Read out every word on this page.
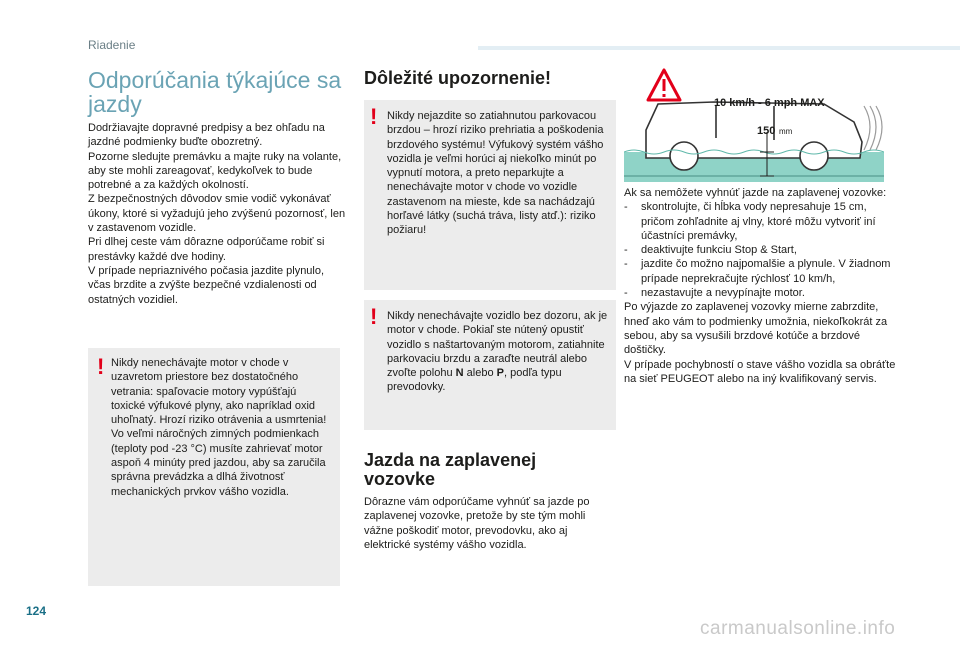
Riadenie
Odporúčania týkajúce sa jazdy

Dodržiavajte dopravné predpisy a bez ohľadu na jazdné podmienky buďte obozretný.

Pozorne sledujte premávku a majte ruky na volante, aby ste mohli zareagovať, kedykoľvek to bude potrebné a za každých okolností.

Z bezpečnostných dôvodov smie vodič vykonávať úkony, ktoré si vyžadujú jeho zvýšenú pozornosť, len v zastavenom vozidle.

Pri dlhej ceste vám dôrazne odporúčame robiť si prestávky každé dve hodiny.

V prípade nepriaznivého počasia jazdite plynulo, včas brzdite a zvýšte bezpečné vzdialenosti od ostatných vozidiel.

! Nikdy nenechávajte motor v chode v uzavretom priestore bez dostatočného vetrania: spaľovacie motory vypúšťajú toxické výfukové plyny, ako napríklad oxid uhoľnatý. Hrozí riziko otrávenia a usmrtenia!

Vo veľmi náročných zimných podmienkach (teploty pod -23 °C) musíte zahrievať motor aspoň 4 minúty pred jazdou, aby sa zaručila správna prevádzka a dlhá životnosť mechanických prvkov vášho vozidla.

Dôležité upozornenie!
! Nikdy nejazdite so zatiahnutou parkovacou brzdou – hrozí riziko prehriatia a poškodenia brzdového systému! Výfukový systém vášho vozidla je veľmi horúci aj niekoľko minút po vypnutí motora, a preto neparkujte a nenechávajte motor v chode vo vozidle zastavenom na mieste, kde sa nachádzajú horľavé látky (suchá tráva, listy atď.): riziko požiaru!
! Nikdy nenechávajte vozidlo bez dozoru, ak je motor v chode. Pokiaľ ste nútený opustiť vozidlo s naštartovaným motorom, zatiahnite parkovaciu brzdu a zaraďte neutrál alebo zvoľte polohu N alebo P, podľa typu prevodovky.
Jazda na zaplavenej vozovke

Dôrazne vám odporúčame vyhnúť sa jazde po zaplavenej vozovke, pretože by ste tým mohli vážne poškodiť motor, prevodovku, ako aj elektrické systémy vášho vozidla.

10 km/h - 6 mph MAX
150 mm

Ak sa nemôžete vyhnúť jazde na zaplavenej vozovke:

-	skontrolujte, či hĺbka vody nepresahuje 15 cm, pričom zohľadnite aj vlny, ktoré môžu vytvoriť iní účastníci premávky,
-	deaktivujte funkciu Stop & Start,
-	jazdite čo možno najpomalšie a plynule. V žiadnom prípade neprekračujte rýchlosť 10 km/h,
-	nezastavujte a nevypínajte motor.

Po výjazde zo zaplavenej vozovky mierne zabrzdite, hneď ako vám to podmienky umožnia, niekoľkokrát za sebou, aby sa vysušili brzdové kotúče a brzdové doštičky.

V prípade pochybností o stave vášho vozidla sa obráťte na sieť PEUGEOT alebo na iný kvalifikovaný servis.

124
carmanualsonline.info
